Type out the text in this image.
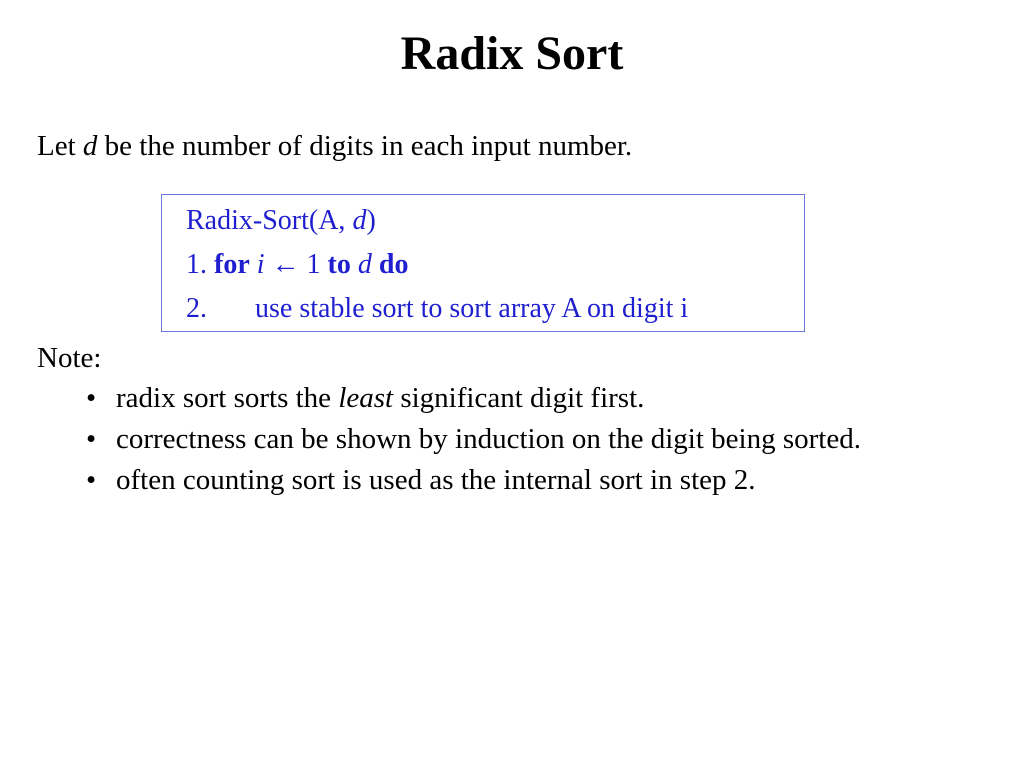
Radix Sort
Let d be the number of digits in each input number.
Radix-Sort(A, d)
1. for i ← 1 to d do
2. use stable sort to sort array A on digit i
Note:
• radix sort sorts the least significant digit first.
• correctness can be shown by induction on the digit being sorted.
• often counting sort is used as the internal sort in step 2.
